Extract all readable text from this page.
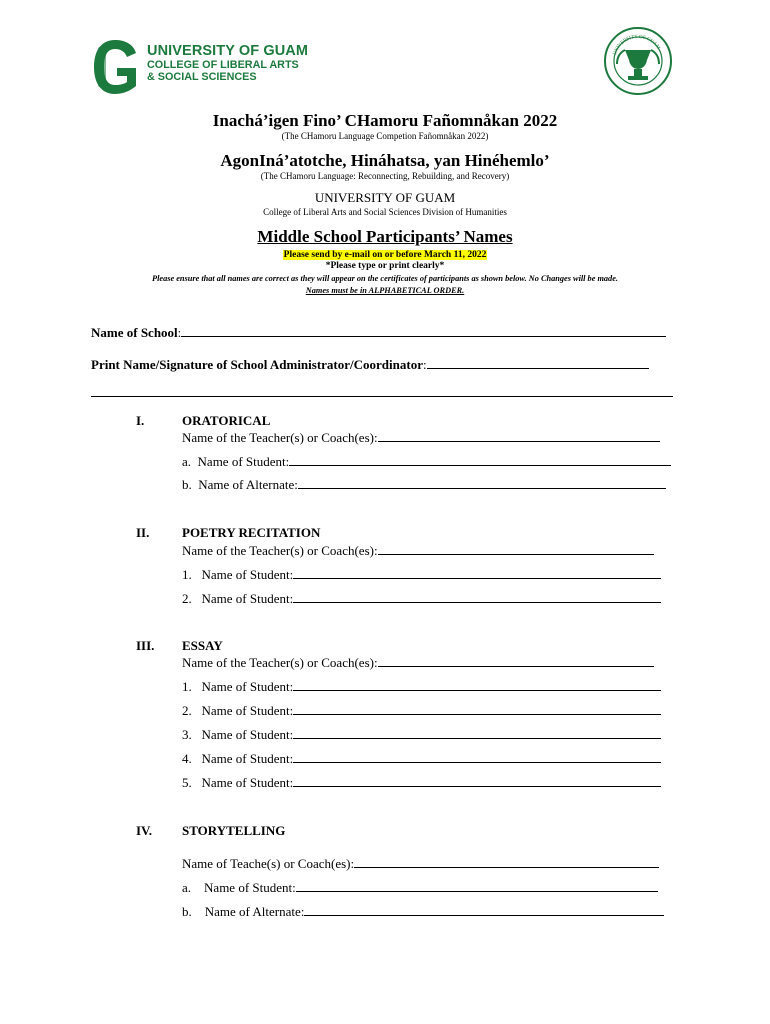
UNIVERSITY OF GUAM
COLLEGE OF LIBERAL ARTS
& SOCIAL SCIENCES
UNIVERSITY OF GUAM
Inachá’igen Fino’ CHamoru Fañomnåkan 2022
(The CHamoru Language Competion Fañomnåkan 2022)
AgonIná’atotche, Hináhatsa, yan Hinéhemlo’
(The CHamoru Language: Reconnecting, Rebuilding, and Recovery)
UNIVERSITY OF GUAM
College of Liberal Arts and Social Sciences Division of Humanities
Middle School Participants’ Names
Please send by e-mail on or before March 11, 2022
*Please type or print clearly*
Please ensure that all names are correct as they will appear on the certificates of participants as shown below. No Changes will be made.
Names must be in ALPHABETICAL ORDER.
Name of School:
Print Name/Signature of School Administrator/Coordinator:
I.	ORATORICAL
Name of the Teacher(s) or Coach(es):
a. Name of Student:
b. Name of Alternate:
II.	POETRY RECITATION
Name of the Teacher(s) or Coach(es):
1. Name of Student:
2. Name of Student:
III. ESSAY
Name of the Teacher(s) or Coach(es):
1. Name of Student:
2. Name of Student:
3. Name of Student:
4. Name of Student:
5. Name of Student:
IV. STORYTELLING
Name of Teache(s) or Coach(es):
a. Name of Student:
b. Name of Alternate:
